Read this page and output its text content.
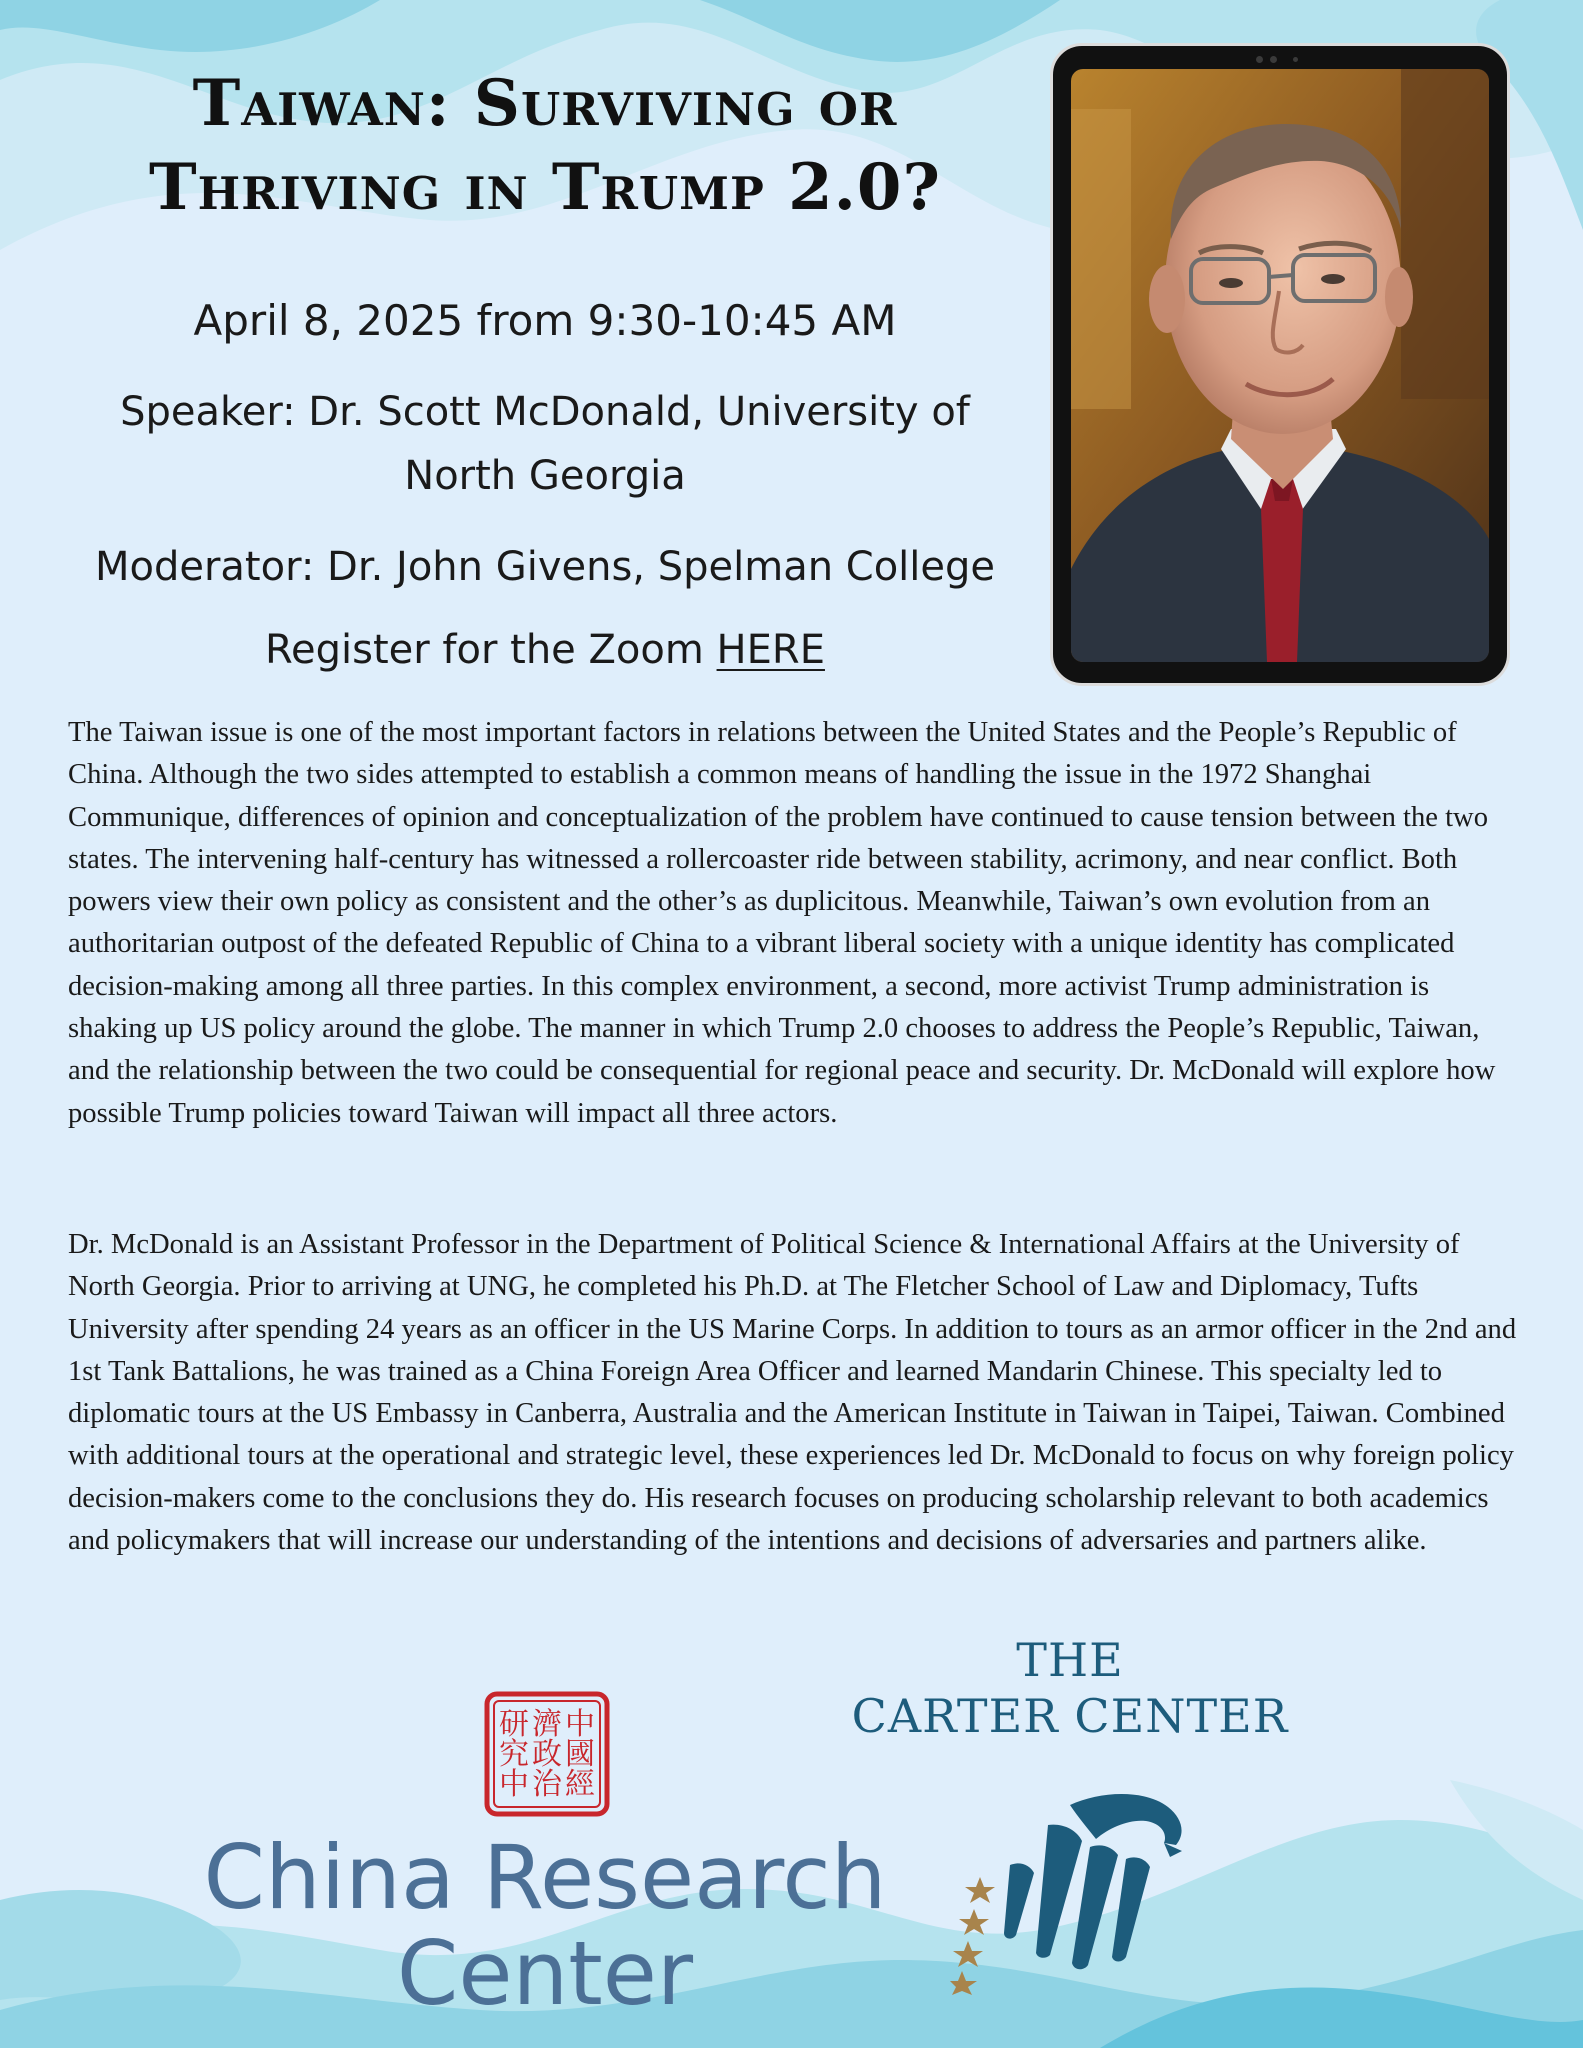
Taiwan: Surviving or
Thriving in Trump 2.0?

April 8, 2025 from 9:30-10:45 AM

Speaker: Dr. Scott McDonald, University of
North Georgia

Moderator: Dr. John Givens, Spelman College

Register for the Zoom HERE

The Taiwan issue is one of the most important factors in relations between the United States and the People’s Republic of China. Although the two sides attempted to establish a common means of handling the issue in the 1972 Shanghai Communique, differences of opinion and conceptualization of the problem have continued to cause tension between the two states. The intervening half-century has witnessed a rollercoaster ride between stability, acrimony, and near conflict. Both powers view their own policy as consistent and the other’s as duplicitous. Meanwhile, Taiwan’s own evolution from an authoritarian outpost of the defeated Republic of China to a vibrant liberal society with a unique identity has complicated decision-making among all three parties. In this complex environment, a second, more activist Trump administration is shaking up US policy around the globe. The manner in which Trump 2.0 chooses to address the People’s Republic, Taiwan, and the relationship between the two could be consequential for regional peace and security. Dr. McDonald will explore how possible Trump policies toward Taiwan will impact all three actors.

Dr. McDonald is an Assistant Professor in the Department of Political Science & International Affairs at the University of North Georgia. Prior to arriving at UNG, he completed his Ph.D. at The Fletcher School of Law and Diplomacy, Tufts University after spending 24 years as an officer in the US Marine Corps. In addition to tours as an armor officer in the 2nd and 1st Tank Battalions, he was trained as a China Foreign Area Officer and learned Mandarin Chinese. This specialty led to diplomatic tours at the US Embassy in Canberra, Australia and the American Institute in Taiwan in Taipei, Taiwan. Combined with additional tours at the operational and strategic level, these experiences led Dr. McDonald to focus on why foreign policy decision-makers come to the conclusions they do. His research focuses on producing scholarship relevant to both academics and policymakers that will increase our understanding of the intentions and decisions of adversaries and partners alike.

中
國
經
濟
政
治
研
究
中

China Research
Center

THE
CARTER CENTER
